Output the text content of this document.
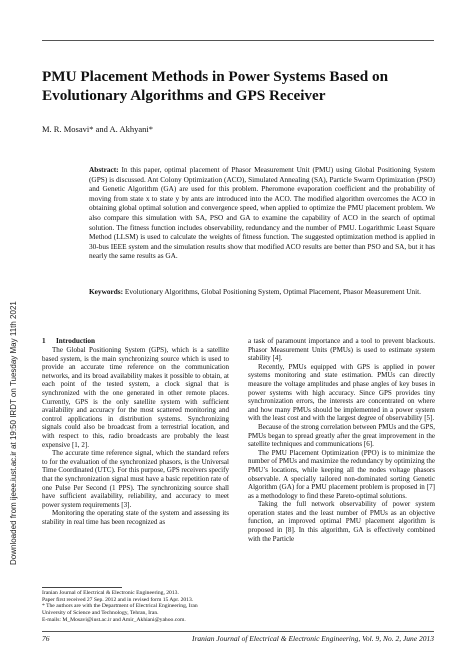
Downloaded from ijeee.iust.ac.ir at 19:50 IRDT on Tuesday May 11th 2021
PMU Placement Methods in Power Systems Based on
Evolutionary Algorithms and GPS Receiver
M. R. Mosavi* and A. Akhyani*

Abstract: In this paper, optimal placement of Phasor Measurement Unit (PMU) using Global Positioning System (GPS) is discussed. Ant Colony Optimization (ACO), Simulated Annealing (SA), Particle Swarm Optimization (PSO) and Genetic Algorithm (GA) are used for this problem. Pheromone evaporation coefficient and the probability of moving from state x to state y by ants are introduced into the ACO. The modified algorithm overcomes the ACO in obtaining global optimal solution and convergence speed, when applied to optimize the PMU placement problem. We also compare this simulation with SA, PSO and GA to examine the capability of ACO in the search of optimal solution. The fitness function includes observability, redundancy and the number of PMU. Logarithmic Least Square Method (LLSM) is used to calculate the weights of fitness function. The suggested optimization method is applied in 30-bus IEEE system and the simulation results show that modified ACO results are better than PSO and SA, but it has nearly the same results as GA.

Keywords: Evolutionary Algorithms, Global Positioning System, Optimal Placement, Phasor Measurement Unit.

1 Introduction

The Global Positioning System (GPS), which is a satellite based system, is the main synchronizing source which is used to provide an accurate time reference on the communication networks, and its broad availability makes it possible to obtain, at each point of the tested system, a clock signal that is synchronized with the one generated in other remote places. Currently, GPS is the only satellite system with sufficient availability and accuracy for the most scattered monitoring and control applications in distribution systems. Synchronizing signals could also be broadcast from a terrestrial location, and with respect to this, radio broadcasts are probably the least expensive [1, 2].

The accurate time reference signal, which the standard refers to for the evaluation of the synchronized phasors, is the Universal Time Coordinated (UTC). For this purpose, GPS receivers specify that the synchronization signal must have a basic repetition rate of one Pulse Per Second (1 PPS). The synchronizing source shall have sufficient availability, reliability, and accuracy to meet power system requirements [3].

Monitoring the operating state of the system and assessing its stability in real time has been recognized as

a task of paramount importance and a tool to prevent blackouts. Phasor Measurement Units (PMUs) is used to estimate system stability [4].

Recently, PMUs equipped with GPS is applied in power systems monitoring and state estimation. PMUs can directly measure the voltage amplitudes and phase angles of key buses in power systems with high accuracy. Since GPS provides tiny synchronization errors, the interests are concentrated on where and how many PMUs should be implemented in a power system with the least cost and with the largest degree of observability [5].

Because of the strong correlation between PMUs and the GPS, PMUs began to spread greatly after the great improvement in the satellite techniques and communications [6].

The PMU Placement Optimization (PPO) is to minimize the number of PMUs and maximize the redundancy by optimizing the PMU’s locations, while keeping all the nodes voltage phasors observable. A specially tailored non-dominated sorting Genetic Algorithm (GA) for a PMU placement problem is proposed in [7] as a methodology to find these Pareto-optimal solutions.

Taking the full network observability of power system operation states and the least number of PMUs as an objective function, an improved optimal PMU placement algorithm is proposed in [8]. In this algorithm, GA is effectively combined with the Particle

Iranian Journal of Electrical & Electronic Engineering, 2013.
Paper first received 27 Sep. 2012 and in revised form 15 Apr. 2013.
* The authors are with the Department of Electrical Engineering, Iran
University of Science and Technology, Tehran, Iran.
E-mails: M_Mosavi@iust.ac.ir and Amir_Akhiani@yahoo.com.
76	Iranian Journal of Electrical & Electronic Engineering, Vol. 9, No. 2, June 2013
